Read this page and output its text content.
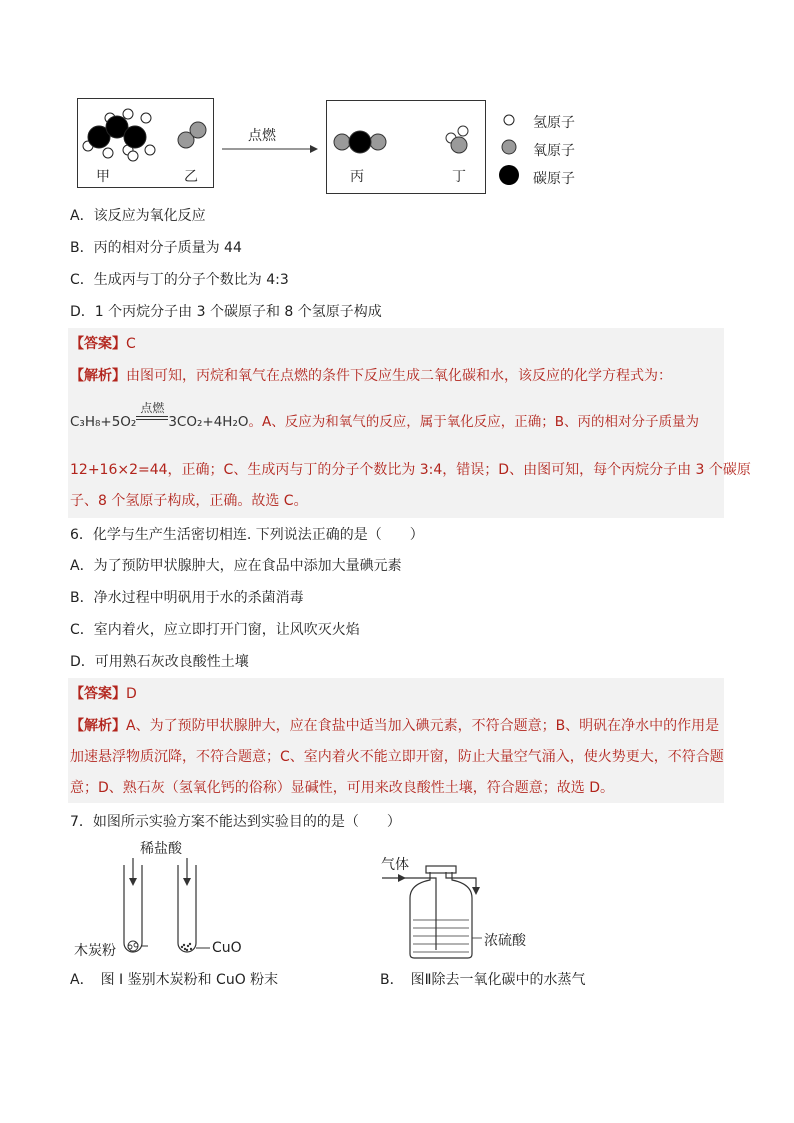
甲	乙
点燃
丙	丁
氢原子
氧原子
碳原子
A．该反应为氧化反应
B．丙的相对分子质量为 44
C．生成丙与丁的分子个数比为 4:3
D．1 个丙烷分子由 3 个碳原子和 8 个氢原子构成
【答案】C
【解析】由图可知，丙烷和氧气在点燃的条件下反应生成二氧化碳和水，该反应的化学方程式为：
C₃H₈+5O₂
点燃
3CO₂+4H₂O。A、反应为和氧气的反应，属于氧化反应，正确；B、丙的相对分子质量为
12+16×2=44，正确；C、生成丙与丁的分子个数比为 3:4，错误；D、由图可知，每个丙烷分子由 3 个碳原
子、8 个氢原子构成，正确。故选 C。
6．化学与生产生活密切相连. 下列说法正确的是（　　）
A．为了预防甲状腺肿大，应在食品中添加大量碘元素
B．净水过程中明矾用于水的杀菌消毒
C．室内着火，应立即打开门窗，让风吹灭火焰
D．可用熟石灰改良酸性土壤
【答案】D
【解析】A、为了预防甲状腺肿大，应在食盐中适当加入碘元素，不符合题意；B、明矾在净水中的作用是
加速悬浮物质沉降，不符合题意；C、室内着火不能立即开窗，防止大量空气涌入，使火势更大，不符合题
意；D、熟石灰（氢氧化钙的俗称）显碱性，可用来改良酸性土壤，符合题意；故选 D。
7．如图所示实验方案不能达到实验目的的是（　　）
稀盐酸
木炭粉	CuO
气体
浓硫酸
A．　图 I 鉴别木炭粉和 CuO 粉末	B．　图Ⅱ除去一氧化碳中的水蒸气
